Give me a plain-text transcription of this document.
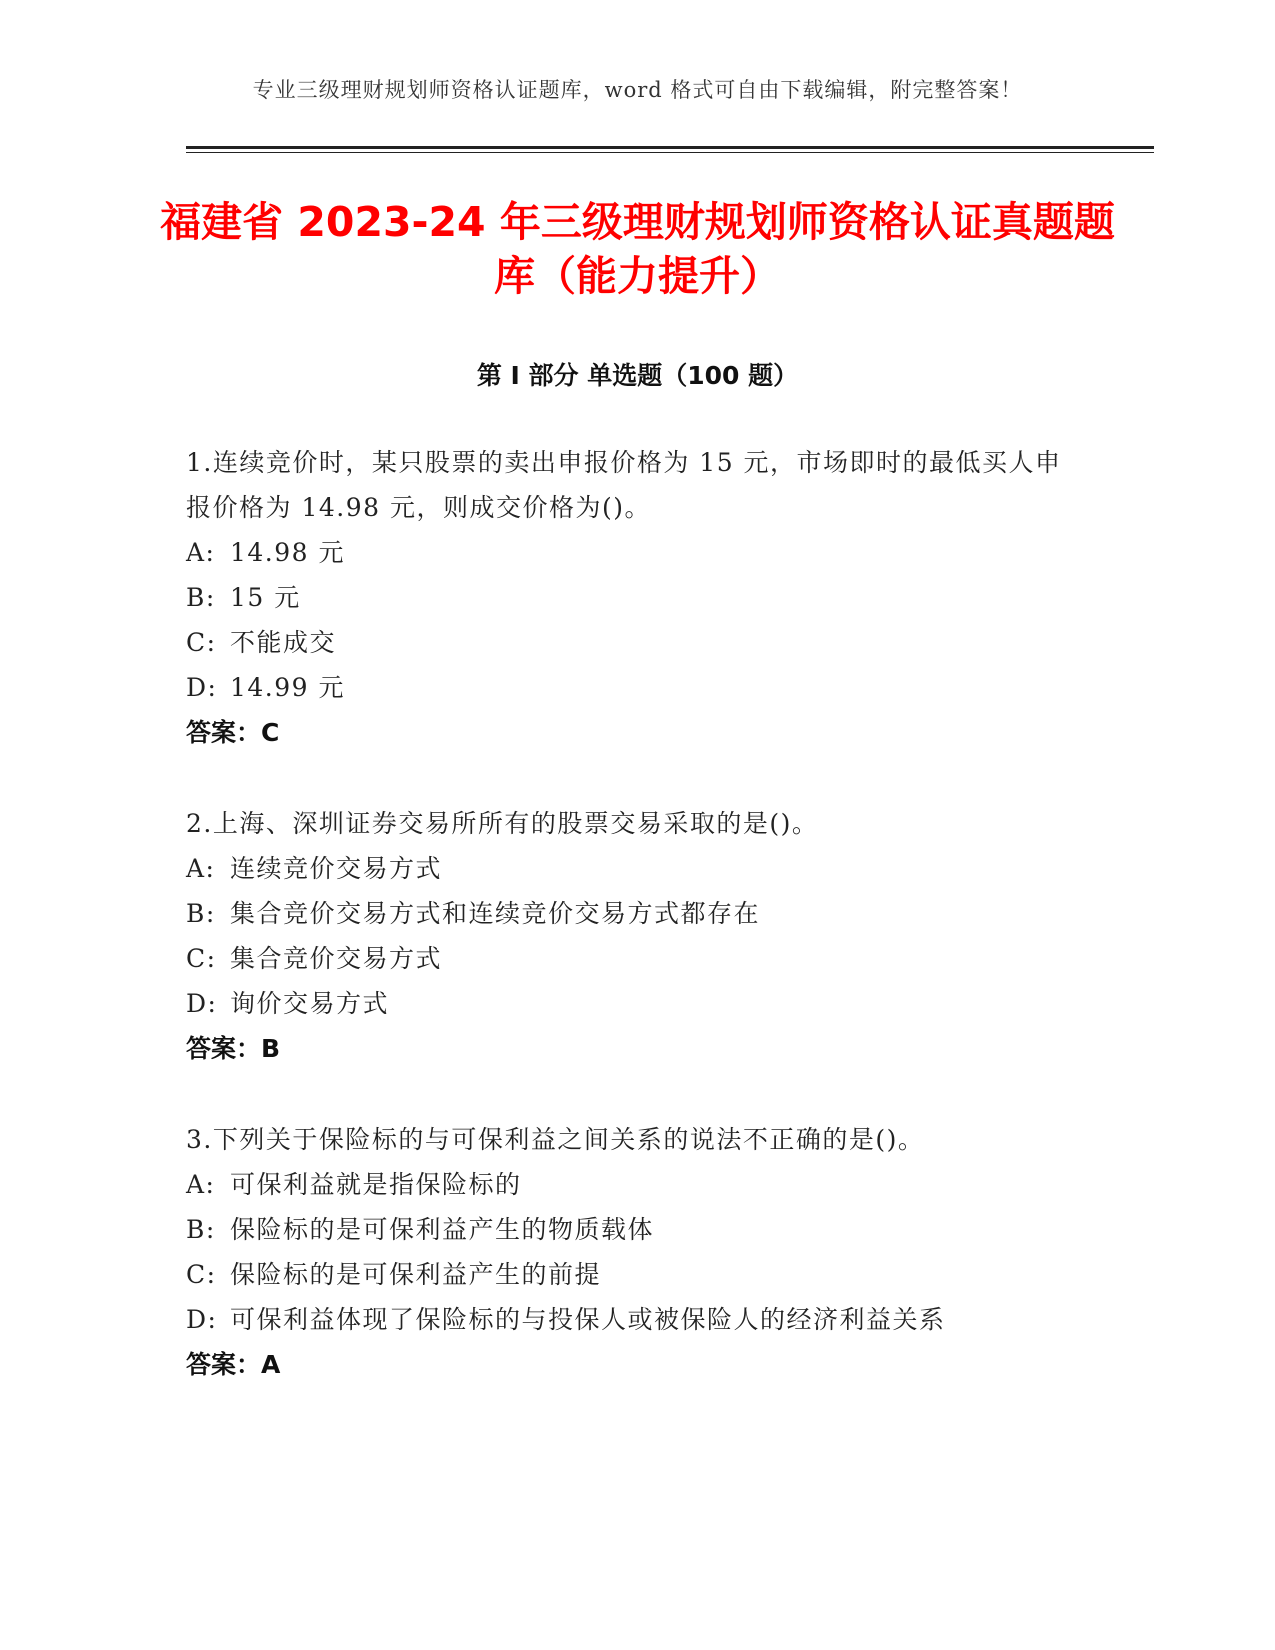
专业三级理财规划师资格认证题库，word 格式可自由下载编辑，附完整答案！
福建省 2023-24 年三级理财规划师资格认证真题题库（能力提升）
第 I 部分 单选题（100 题）
1.连续竞价时，某只股票的卖出申报价格为 15 元，市场即时的最低买人申报价格为 14.98 元，则成交价格为()。
A: 14.98 元
B: 15 元
C: 不能成交
D: 14.99 元
答案：C
2.上海、深圳证券交易所所有的股票交易采取的是()。
A: 连续竞价交易方式
B: 集合竞价交易方式和连续竞价交易方式都存在
C: 集合竞价交易方式
D: 询价交易方式
答案：B
3.下列关于保险标的与可保利益之间关系的说法不正确的是()。
A: 可保利益就是指保险标的
B: 保险标的是可保利益产生的物质载体
C: 保险标的是可保利益产生的前提
D: 可保利益体现了保险标的与投保人或被保险人的经济利益关系
答案：A
